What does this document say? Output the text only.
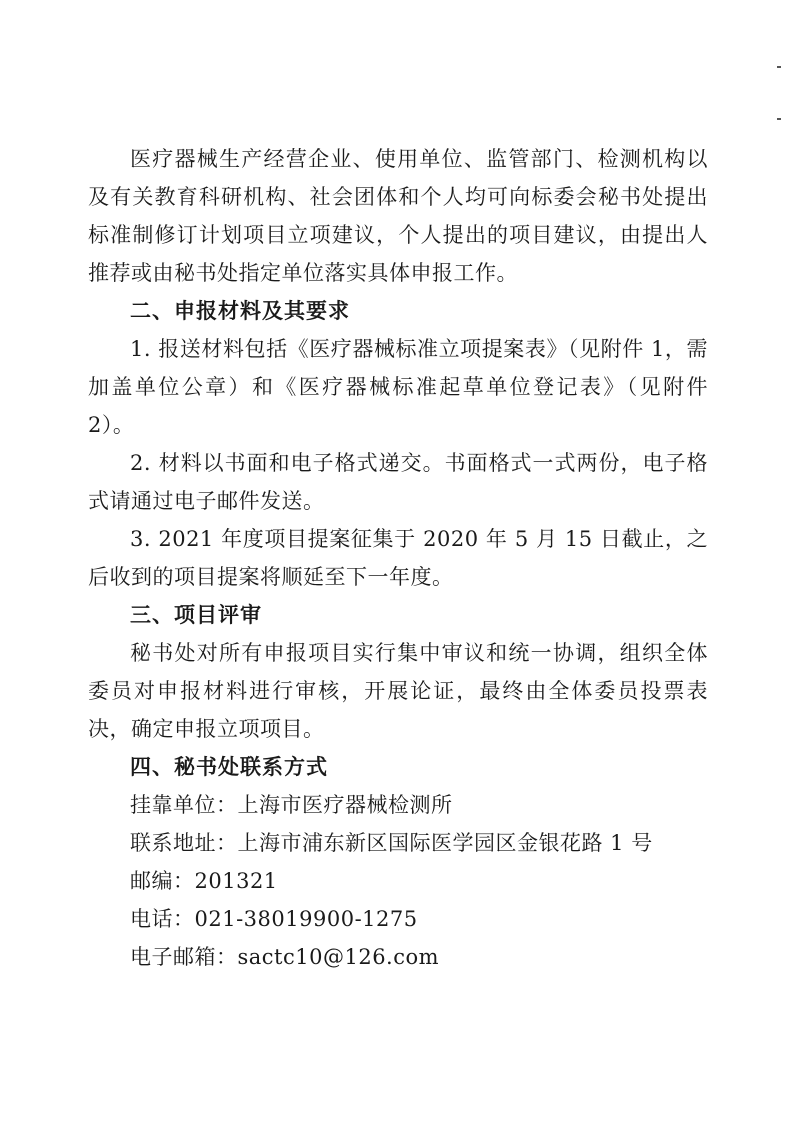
医疗器械生产经营企业、使用单位、监管部门、检测机构以及有关教育科研机构、社会团体和个人均可向标委会秘书处提出标准制修订计划项目立项建议，个人提出的项目建议，由提出人推荐或由秘书处指定单位落实具体申报工作。

二、申报材料及其要求

1. 报送材料包括《医疗器械标准立项提案表》（见附件 1，需加盖单位公章）和《医疗器械标准起草单位登记表》（见附件 2）。

2. 材料以书面和电子格式递交。书面格式一式两份，电子格式请通过电子邮件发送。

3. 2021 年度项目提案征集于 2020 年 5 月 15 日截止，之后收到的项目提案将顺延至下一年度。

三、项目评审

秘书处对所有申报项目实行集中审议和统一协调，组织全体委员对申报材料进行审核，开展论证，最终由全体委员投票表决，确定申报立项项目。

四、秘书处联系方式

挂靠单位：上海市医疗器械检测所

联系地址：上海市浦东新区国际医学园区金银花路 1 号

邮编：201321

电话：021-38019900-1275

电子邮箱：sactc10@126.com
